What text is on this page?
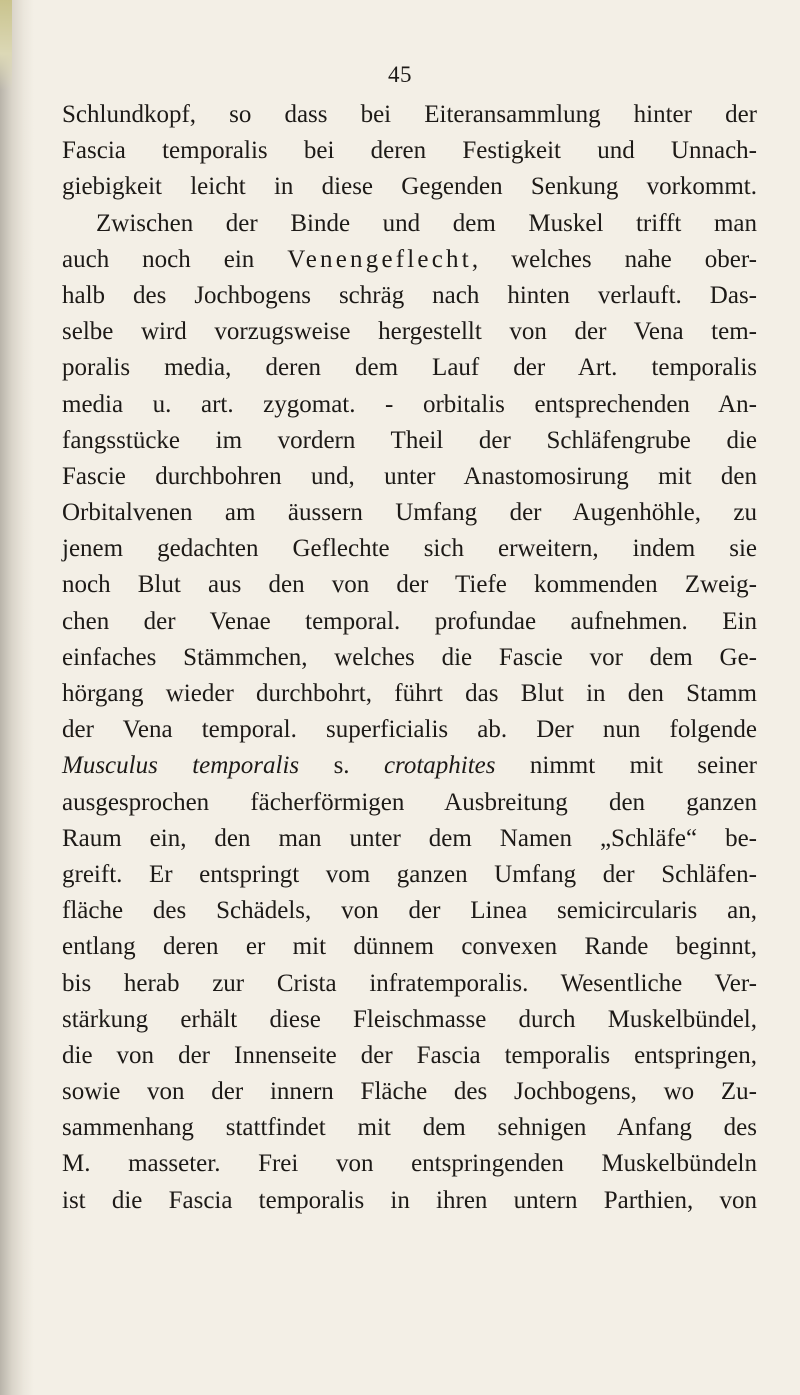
45
Schlundkopf, so dass bei Eiteransammlung hinter der
Fascia temporalis bei deren Festigkeit und Unnach-
giebigkeit leicht in diese Gegenden Senkung vorkommt.
Zwischen der Binde und dem Muskel trifft man
auch noch ein Venengeflecht, welches nahe ober-
halb des Jochbogens schräg nach hinten verlauft. Das-
selbe wird vorzugsweise hergestellt von der Vena tem-
poralis media, deren dem Lauf der Art. temporalis
media u. art. zygomat. - orbitalis entsprechenden An-
fangsstücke im vordern Theil der Schläfengrube die
Fascie durchbohren und, unter Anastomosirung mit den
Orbitalvenen am äussern Umfang der Augenhöhle, zu
jenem gedachten Geflechte sich erweitern, indem sie
noch Blut aus den von der Tiefe kommenden Zweig-
chen der Venae temporal. profundae aufnehmen. Ein
einfaches Stämmchen, welches die Fascie vor dem Ge-
hörgang wieder durchbohrt, führt das Blut in den Stamm
der Vena temporal. superficialis ab. Der nun folgende
Musculus temporalis s. crotaphites nimmt mit seiner
ausgesprochen fächerförmigen Ausbreitung den ganzen
Raum ein, den man unter dem Namen „Schläfe“ be-
greift. Er entspringt vom ganzen Umfang der Schläfen-
fläche des Schädels, von der Linea semicircularis an,
entlang deren er mit dünnem convexen Rande beginnt,
bis herab zur Crista infratemporalis. Wesentliche Ver-
stärkung erhält diese Fleischmasse durch Muskelbündel,
die von der Innenseite der Fascia temporalis entspringen,
sowie von der innern Fläche des Jochbogens, wo Zu-
sammenhang stattfindet mit dem sehnigen Anfang des
M. masseter. Frei von entspringenden Muskelbündeln
ist die Fascia temporalis in ihren untern Parthien, von
